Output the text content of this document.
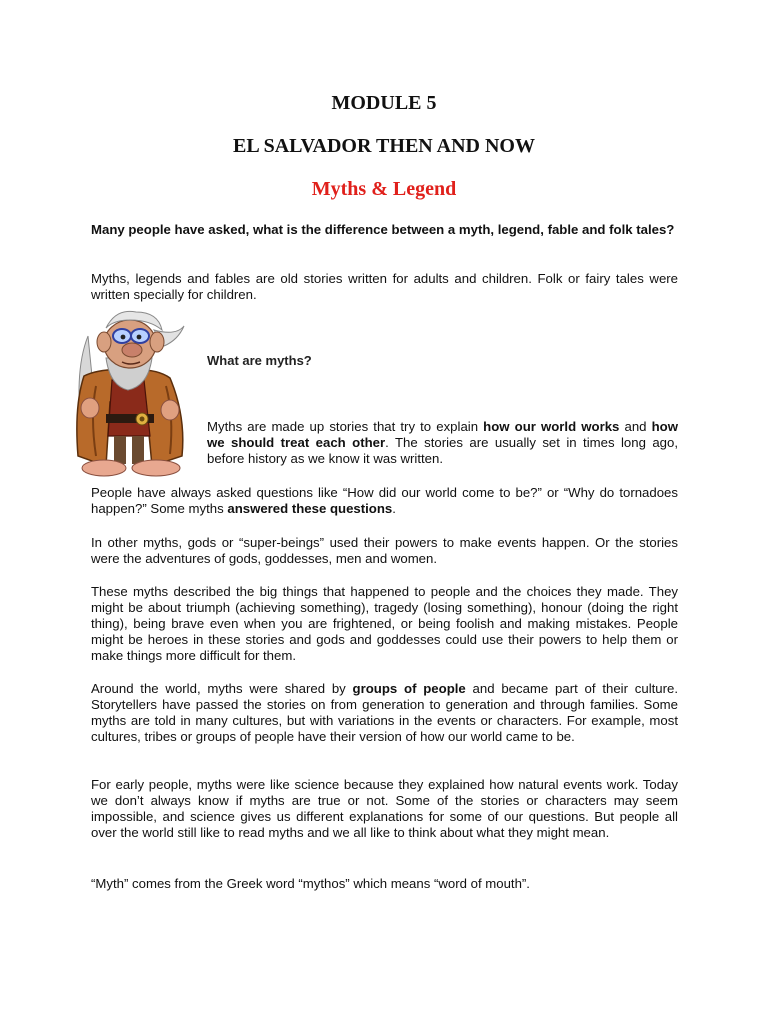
MODULE 5
EL SALVADOR THEN AND NOW
Myths & Legend

Many people have asked, what is the difference between a myth, legend, fable and folk tales?

Myths, legends and fables are old stories written for adults and children. Folk or fairy tales were written specially for children.

What are myths?

Myths are made up stories that try to explain how our world works and how we should treat each other. The stories are usually set in times long ago, before history as we know it was written.

People have always asked questions like “How did our world come to be?” or “Why do tornadoes happen?” Some myths answered these questions.

In other myths, gods or “super-beings” used their powers to make events happen. Or the stories were the adventures of gods, goddesses, men and women.

These myths described the big things that happened to people and the choices they made. They might be about triumph (achieving something), tragedy (losing something), honour (doing the right thing), being brave even when you are frightened, or being foolish and making mistakes. People might be heroes in these stories and gods and goddesses could use their powers to help them or make things more difficult for them.

Around the world, myths were shared by groups of people and became part of their culture. Storytellers have passed the stories on from generation to generation and through families. Some myths are told in many cultures, but with variations in the events or characters. For example, most cultures, tribes or groups of people have their version of how our world came to be.

For early people, myths were like science because they explained how natural events work. Today we don’t always know if myths are true or not. Some of the stories or characters may seem impossible, and science gives us different explanations for some of our questions. But people all over the world still like to read myths and we all like to think about what they might mean.

“Myth” comes from the Greek word “mythos” which means “word of mouth”.
